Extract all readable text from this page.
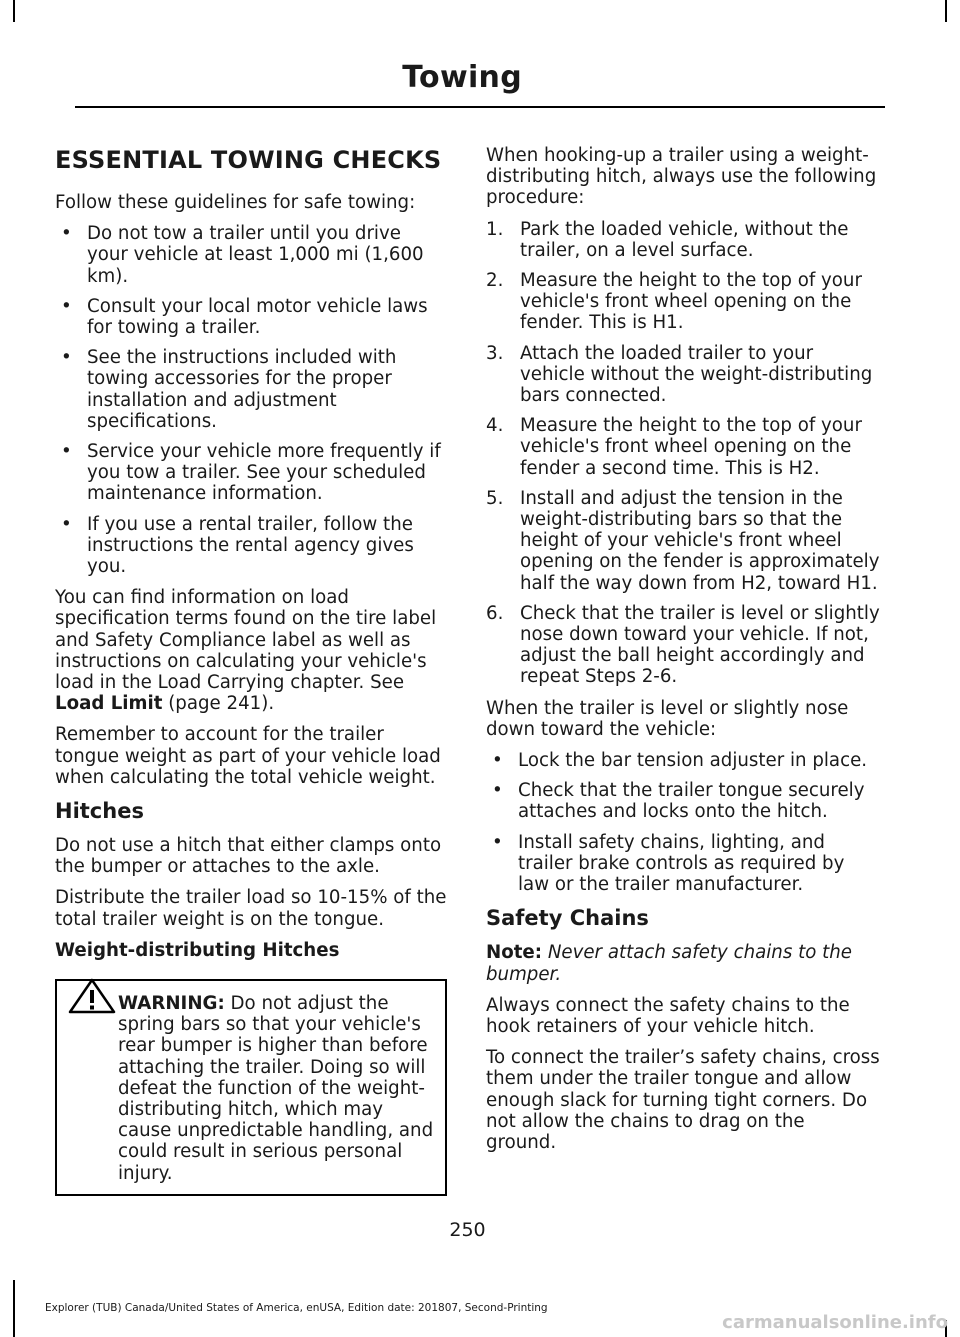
Towing
ESSENTIAL TOWING CHECKS

Follow these guidelines for safe towing:

• Do not tow a trailer until you drive your vehicle at least 1,000 mi (1,600 km).
• Consult your local motor vehicle laws for towing a trailer.
• See the instructions included with towing accessories for the proper installation and adjustment specifications.
• Service your vehicle more frequently if you tow a trailer. See your scheduled maintenance information.
• If you use a rental trailer, follow the instructions the rental agency gives you.

You can find information on load specification terms found on the tire label and Safety Compliance label as well as instructions on calculating your vehicle's load in the Load Carrying chapter. See Load Limit (page 241).

Remember to account for the trailer tongue weight as part of your vehicle load when calculating the total vehicle weight.

Hitches

Do not use a hitch that either clamps onto the bumper or attaches to the axle.

Distribute the trailer load so 10-15% of the total trailer weight is on the tongue.

Weight-distributing Hitches
WARNING: Do not adjust the spring bars so that your vehicle's rear bumper is higher than before attaching the trailer. Doing so will defeat the function of the weight-distributing hitch, which may cause unpredictable handling, and could result in serious personal injury.

When hooking-up a trailer using a weight-distributing hitch, always use the following procedure:

1. Park the loaded vehicle, without the trailer, on a level surface.
2. Measure the height to the top of your vehicle's front wheel opening on the fender. This is H1.
3. Attach the loaded trailer to your vehicle without the weight-distributing bars connected.
4. Measure the height to the top of your vehicle's front wheel opening on the fender a second time. This is H2.
5. Install and adjust the tension in the weight-distributing bars so that the height of your vehicle's front wheel opening on the fender is approximately half the way down from H2, toward H1.
6. Check that the trailer is level or slightly nose down toward your vehicle. If not, adjust the ball height accordingly and repeat Steps 2-6.

When the trailer is level or slightly nose down toward the vehicle:

• Lock the bar tension adjuster in place.
• Check that the trailer tongue securely attaches and locks onto the hitch.
• Install safety chains, lighting, and trailer brake controls as required by law or the trailer manufacturer.
Safety Chains

Note: Never attach safety chains to the bumper.

Always connect the safety chains to the hook retainers of your vehicle hitch.

To connect the trailer’s safety chains, cross them under the trailer tongue and allow enough slack for turning tight corners. Do not allow the chains to drag on the ground.

250
Explorer (TUB) Canada/United States of America, enUSA, Edition date: 201807, Second-Printing
carmanualsonline.info
